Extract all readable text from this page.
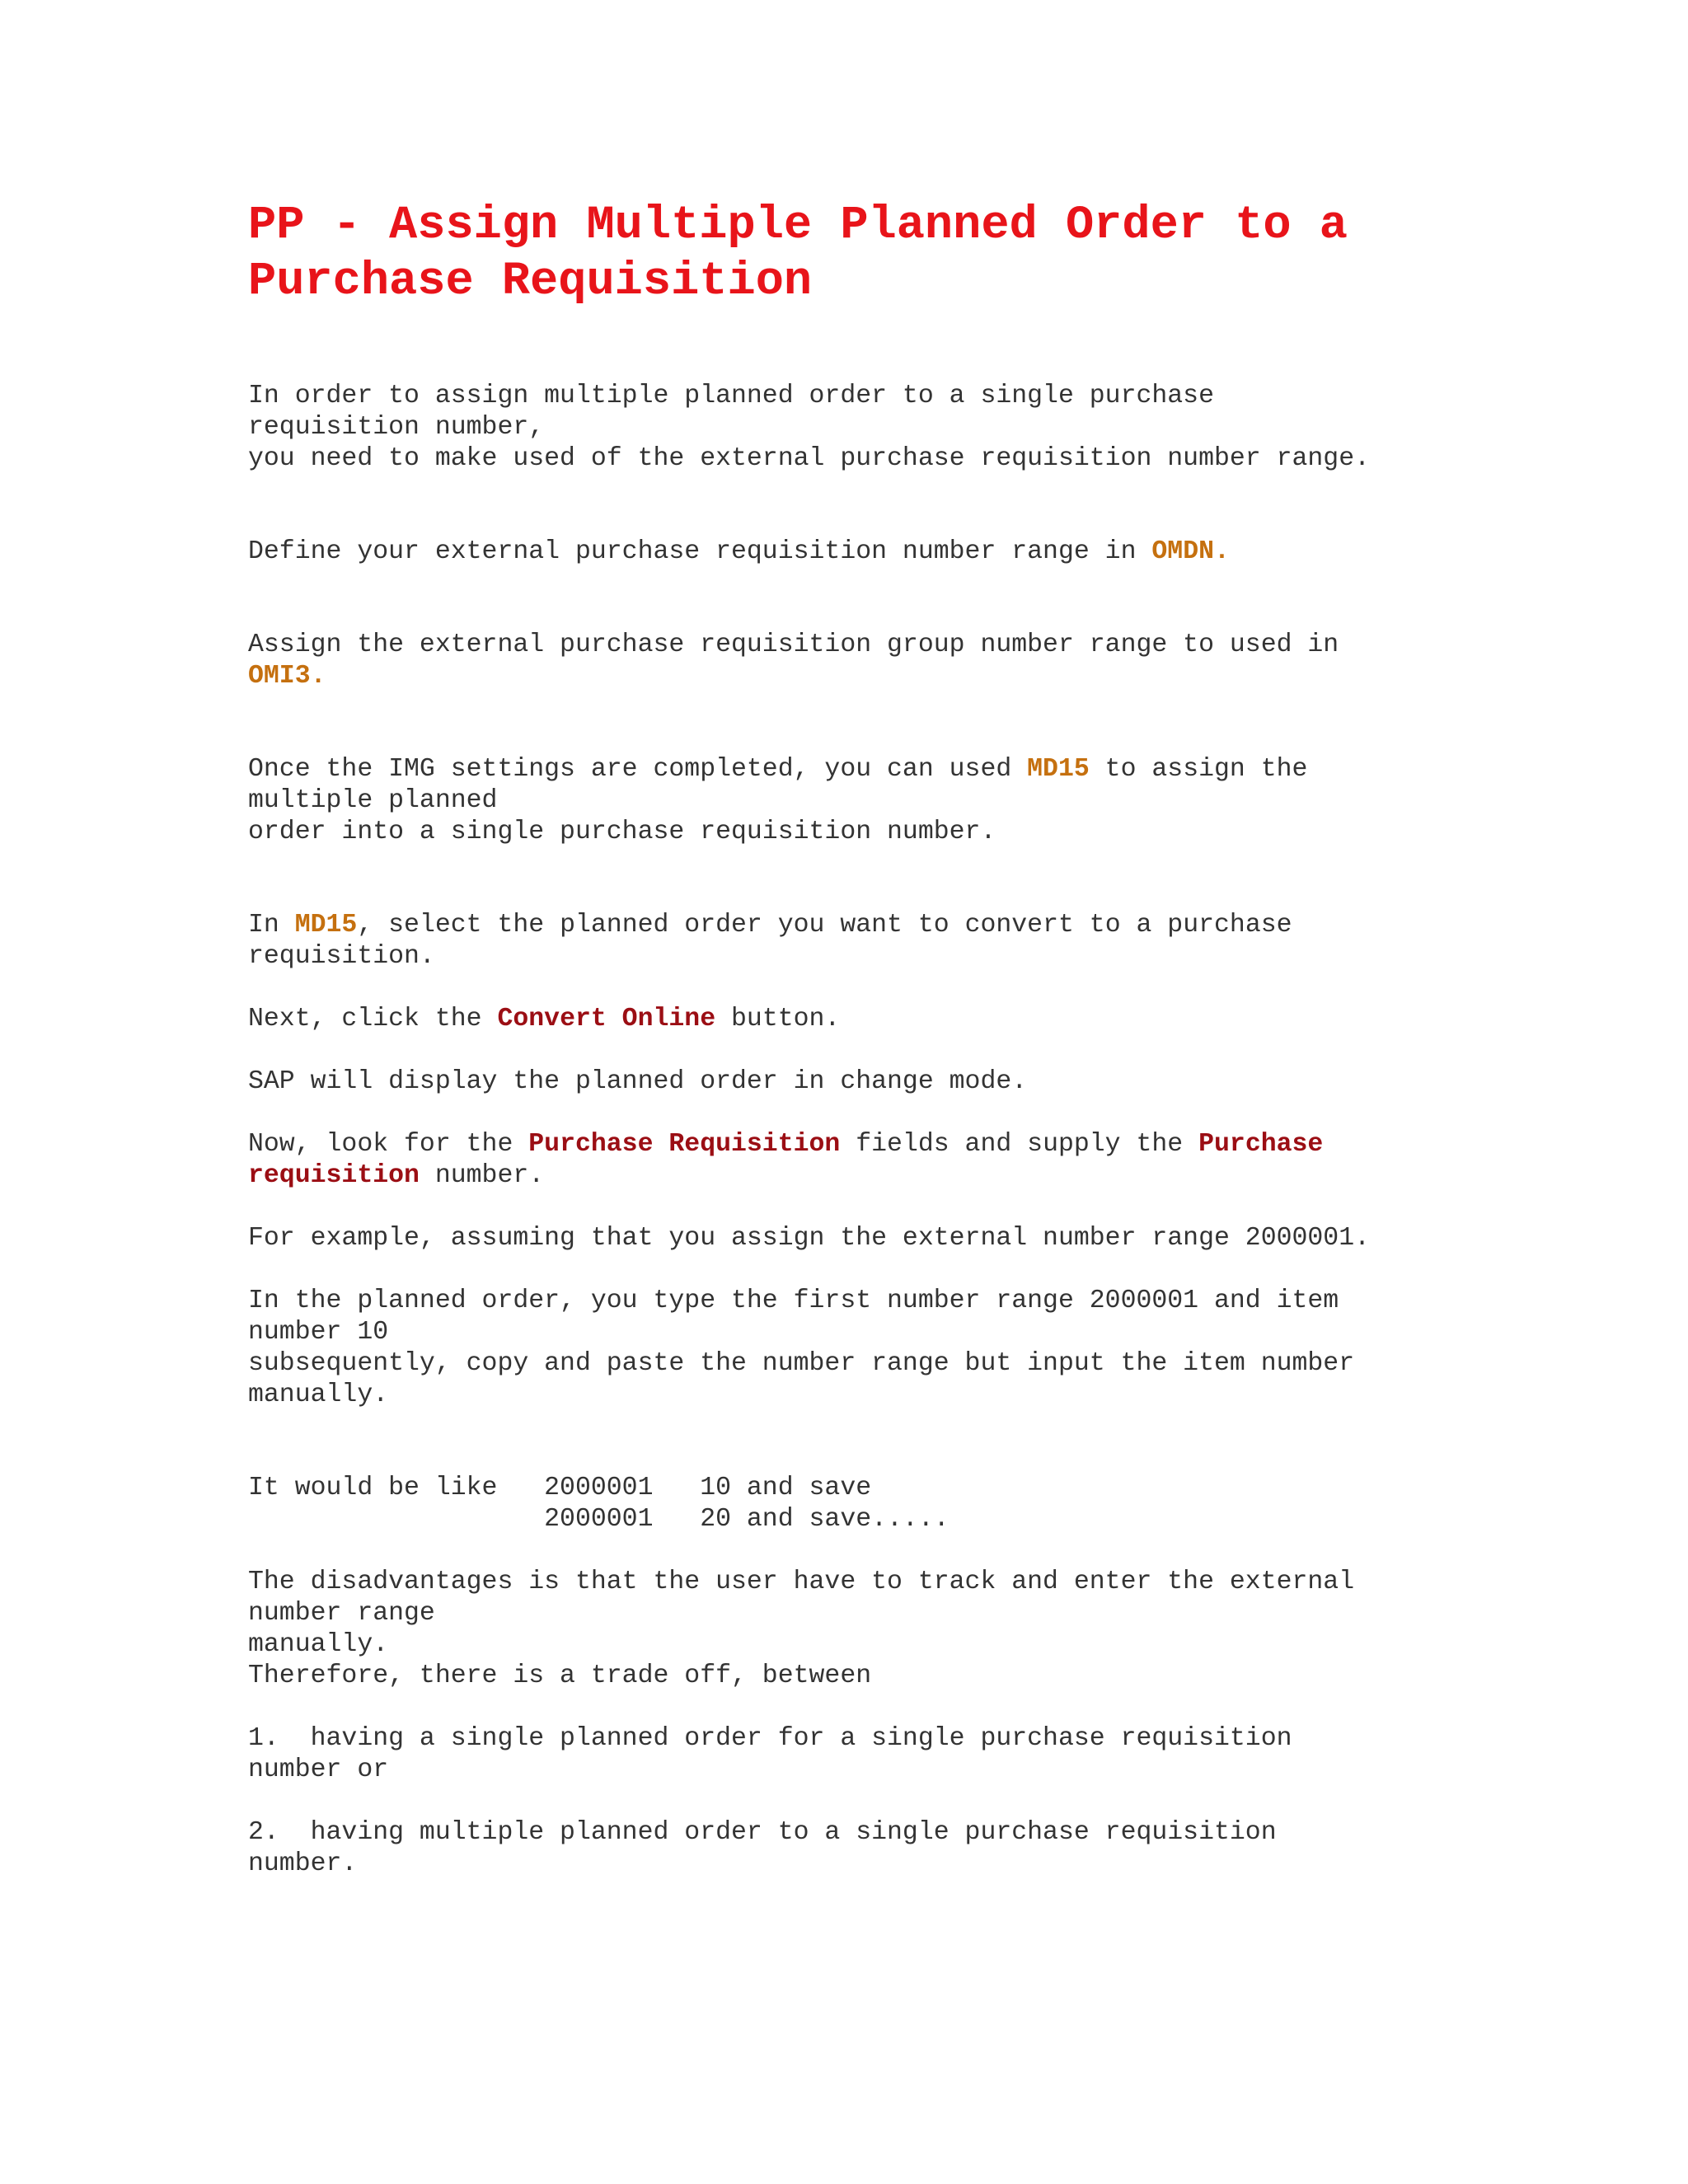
PP - Assign Multiple Planned Order to a
Purchase Requisition

In order to assign multiple planned order to a single purchase

requisition number,

you need to make used of the external purchase requisition number range.

Define your external purchase requisition number range in OMDN.

Assign the external purchase requisition group number range to used in

OMI3.

Once the IMG settings are completed, you can used MD15 to assign the

multiple planned

order into a single purchase requisition number.

In MD15, select the planned order you want to convert to a purchase

requisition.

Next, click the Convert Online button.

SAP will display the planned order in change mode.

Now, look for the Purchase Requisition fields and supply the Purchase

requisition number.

For example, assuming that you assign the external number range 2000001.

In the planned order, you type the first number range 2000001 and item

number 10

subsequently, copy and paste the number range but input the item number

manually.

It would be like   2000001   10 and save

2000001   20 and save.....

The disadvantages is that the user have to track and enter the external

number range

manually.

Therefore, there is a trade off, between

1.  having a single planned order for a single purchase requisition

number or

2.  having multiple planned order to a single purchase requisition

number.
